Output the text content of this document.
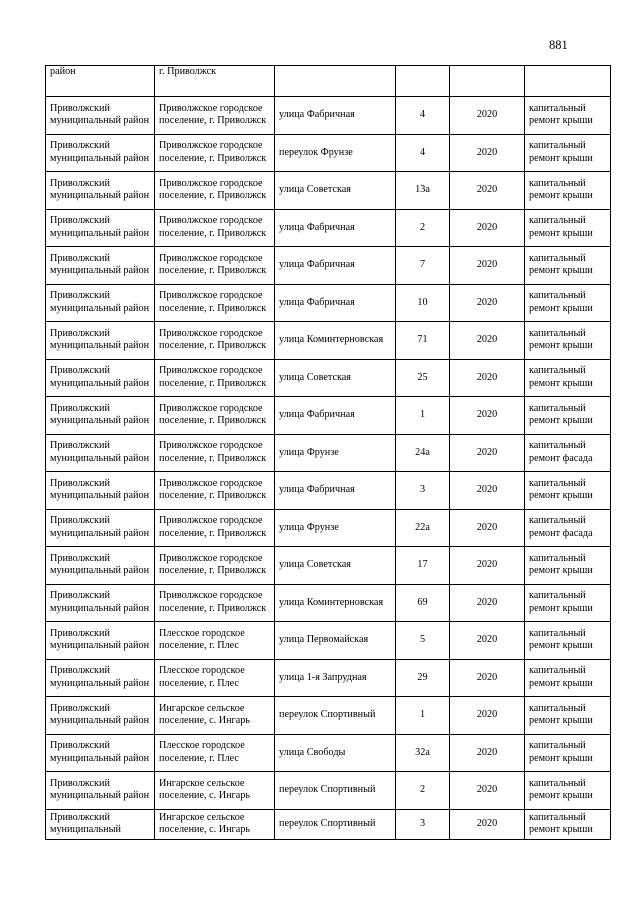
881
район	г. Приволжск				
Приволжский муниципальный район	Приволжское городское поселение, г. Приволжск	улица Фабричная	4	2020	капитальный ремонт крыши
Приволжский муниципальный район	Приволжское городское поселение, г. Приволжск	переулок Фрунзе	4	2020	капитальный ремонт крыши
Приволжский муниципальный район	Приволжское городское поселение, г. Приволжск	улица Советская	13а	2020	капитальный ремонт крыши
Приволжский муниципальный район	Приволжское городское поселение, г. Приволжск	улица Фабричная	2	2020	капитальный ремонт крыши
Приволжский муниципальный район	Приволжское городское поселение, г. Приволжск	улица Фабричная	7	2020	капитальный ремонт крыши
Приволжский муниципальный район	Приволжское городское поселение, г. Приволжск	улица Фабричная	10	2020	капитальный ремонт крыши
Приволжский муниципальный район	Приволжское городское поселение, г. Приволжск	улица Коминтерновская	71	2020	капитальный ремонт крыши
Приволжский муниципальный район	Приволжское городское поселение, г. Приволжск	улица Советская	25	2020	капитальный ремонт крыши
Приволжский муниципальный район	Приволжское городское поселение, г. Приволжск	улица Фабричная	1	2020	капитальный ремонт крыши
Приволжский муниципальный район	Приволжское городское поселение, г. Приволжск	улица Фрунзе	24а	2020	капитальный ремонт фасада
Приволжский муниципальный район	Приволжское городское поселение, г. Приволжск	улица Фабричная	3	2020	капитальный ремонт крыши
Приволжский муниципальный район	Приволжское городское поселение, г. Приволжск	улица Фрунзе	22а	2020	капитальный ремонт фасада
Приволжский муниципальный район	Приволжское городское поселение, г. Приволжск	улица Советская	17	2020	капитальный ремонт крыши
Приволжский муниципальный район	Приволжское городское поселение, г. Приволжск	улица Коминтерновская	69	2020	капитальный ремонт крыши
Приволжский муниципальный район	Плесское городское поселение, г. Плес	улица Первомайская	5	2020	капитальный ремонт крыши
Приволжский муниципальный район	Плесское городское поселение, г. Плес	улица 1-я Запрудная	29	2020	капитальный ремонт крыши
Приволжский муниципальный район	Ингарское сельское поселение, с. Ингарь	переулок Спортивный	1	2020	капитальный ремонт крыши
Приволжский муниципальный район	Плесское городское поселение, г. Плес	улица Свободы	32а	2020	капитальный ремонт крыши
Приволжский муниципальный район	Ингарское сельское поселение, с. Ингарь	переулок Спортивный	2	2020	капитальный ремонт крыши
Приволжский муниципальный	Ингарское сельское поселение, с. Ингарь	переулок Спортивный	3	2020	капитальный ремонт крыши
